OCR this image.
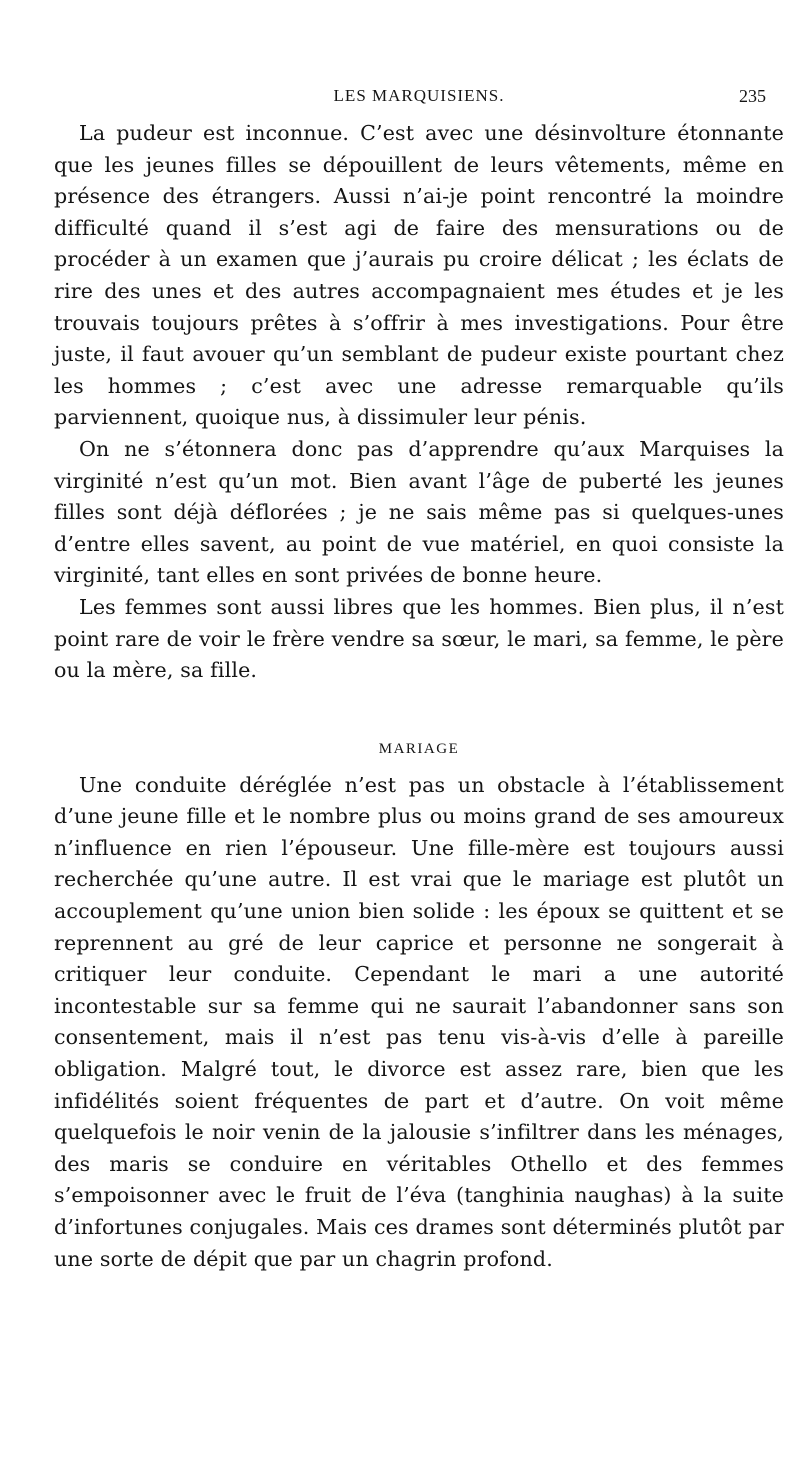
LES MARQUISIENS.	235

La pudeur est inconnue. C’est avec une désinvolture étonnante que les jeunes filles se dépouillent de leurs vêtements, même en présence des étrangers. Aussi n’ai-je point rencontré la moindre difficulté quand il s’est agi de faire des mensurations ou de procéder à un examen que j’aurais pu croire délicat ; les éclats de rire des unes et des autres accompagnaient mes études et je les trouvais toujours prêtes à s’offrir à mes investigations. Pour être juste, il faut avouer qu’un semblant de pudeur existe pourtant chez les hommes ; c’est avec une adresse remarquable qu’ils parviennent, quoique nus, à dissimuler leur pénis.

On ne s’étonnera donc pas d’apprendre qu’aux Marquises la virginité n’est qu’un mot. Bien avant l’âge de puberté les jeunes filles sont déjà déflorées ; je ne sais même pas si quelques-unes d’entre elles savent, au point de vue matériel, en quoi consiste la virginité, tant elles en sont privées de bonne heure.

Les femmes sont aussi libres que les hommes. Bien plus, il n’est point rare de voir le frère vendre sa sœur, le mari, sa femme, le père ou la mère, sa fille.

MARIAGE

Une conduite déréglée n’est pas un obstacle à l’établissement d’une jeune fille et le nombre plus ou moins grand de ses amoureux n’influence en rien l’épouseur. Une fille-mère est toujours aussi recherchée qu’une autre. Il est vrai que le mariage est plutôt un accouplement qu’une union bien solide : les époux se quittent et se reprennent au gré de leur caprice et personne ne songerait à critiquer leur conduite. Cependant le mari a une autorité incontestable sur sa femme qui ne saurait l’abandonner sans son consentement, mais il n’est pas tenu vis-à-vis d’elle à pareille obligation. Malgré tout, le divorce est assez rare, bien que les infidélités soient fréquentes de part et d’autre. On voit même quelquefois le noir venin de la jalousie s’infiltrer dans les ménages, des maris se conduire en véritables Othello et des femmes s’empoisonner avec le fruit de l’éva (tanghinia naughas) à la suite d’infortunes conjugales. Mais ces drames sont déterminés plutôt par une sorte de dépit que par un chagrin profond.
